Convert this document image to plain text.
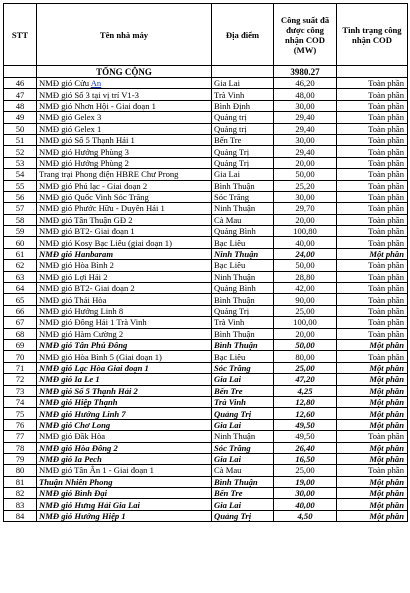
STT	Tên nhà máy	Địa điểm	Công suất đã được công nhận COD (MW)	Tình trạng công nhận COD
	TỔNG CỘNG		3980.27	
46	NMĐ gió Cửu An	Gia Lai	46,20	Toàn phần
47	NMĐ gió Số 3 tại vị trí V1-3	Trà Vinh	48,00	Toàn phần
48	NMĐ gió Nhơn Hội - Giai đoạn 1	Bình Định	30,00	Toàn phần
49	NMĐ gió Gelex 3	Quảng trị	29,40	Toàn phần
50	NMĐ gió Gelex 1	Quảng trị	29,40	Toàn phần
51	NMĐ gió Số 5 Thạnh Hải 1	Bến Tre	30,00	Toàn phần
52	NMĐ gió Hướng Phùng 3	Quảng Trị	29,40	Toàn phần
53	NMĐ gió Hướng Phùng 2	Quảng Trị	20,00	Toàn phần
54	Trang trại Phong điện HBRE Chư Prong	Gia Lai	50,00	Toàn phần
55	NMĐ gió Phú lạc - Giai đoạn 2	Bình Thuận	25,20	Toàn phần
56	NMĐ gió Quốc Vinh Sóc Trăng	Sóc Trăng	30,00	Toàn phần
57	NMĐ gió Phước Hữu - Duyên Hải 1	Ninh Thuận	29,70	Toàn phần
58	NMĐ gió Tân Thuận GĐ 2	Cà Mau	20,00	Toàn phần
59	NMĐ gió BT2- Giai đoạn 1	Quảng Bình	100,80	Toàn phần
60	NMĐ gió Kosy Bạc Liêu (giai đoạn 1)	Bạc Liêu	40,00	Toàn phần
61	NMĐ gió Hanbaram	Ninh Thuận	24,00	Một phần
62	NMĐ gió Hòa Bình 2	Bạc Liêu	50,00	Toàn phần
63	NMĐ gió Lợi Hải 2	Ninh Thuận	28,80	Toàn phần
64	NMĐ gió BT2- Giai đoạn 2	Quảng Bình	42,00	Toàn phần
65	NMĐ gió Thái Hòa	Bình Thuận	90,00	Toàn phần
66	NMĐ gió Hướng Linh 8	Quảng Trị	25,00	Toàn phần
67	NMĐ gió Đông Hải 1 Trà Vinh	Trà Vinh	100,00	Toàn phần
68	NMĐ gió Hàm Cường 2	Bình Thuận	20,00	Toàn phần
69	NMĐ gió Tân Phú Đông	Bình Thuận	50,00	Một phần
70	NMĐ gió Hòa Bình 5 (Giai đoạn 1)	Bạc Liêu	80,00	Toàn phần
71	NMĐ gió Lạc Hòa Giai đoạn 1	Sóc Trăng	25,00	Một phần
72	NMĐ gió Ia Le 1	Gia Lai	47,20	Một phần
73	NMĐ gió Số 5 Thạnh Hải 2	Bến Tre	4,25	Một phần
74	NMĐ gió Hiệp Thạnh	Trà Vinh	12,80	Một phần
75	NMĐ gió Hướng Linh 7	Quảng Trị	12,60	Một phần
76	NMĐ gió Chơ Long	Gia Lai	49,50	Một phần
77	NMĐ gió Đầk Hòa	Ninh Thuận	49,50	Toàn phần
78	NMĐ gió Hòa Đông 2	Sóc Trăng	26,40	Một phần
79	NMĐ gió Ia Pech	Gia Lai	16,50	Một phần
80	NMĐ gió Tân Ân 1 - Giai đoạn 1	Cà Mau	25,00	Toàn phần
81	Thuận Nhiên Phong	Bình Thuận	19,00	Một phần
82	NMĐ gió Bình Đại	Bến Tre	30,00	Một phần
83	NMĐ gió Hưng Hải Gia Lai	Gia Lai	40,00	Một phần
84	NMĐ gió Hướng Hiệp 1	Quảng Trị	4,50	Một phần
